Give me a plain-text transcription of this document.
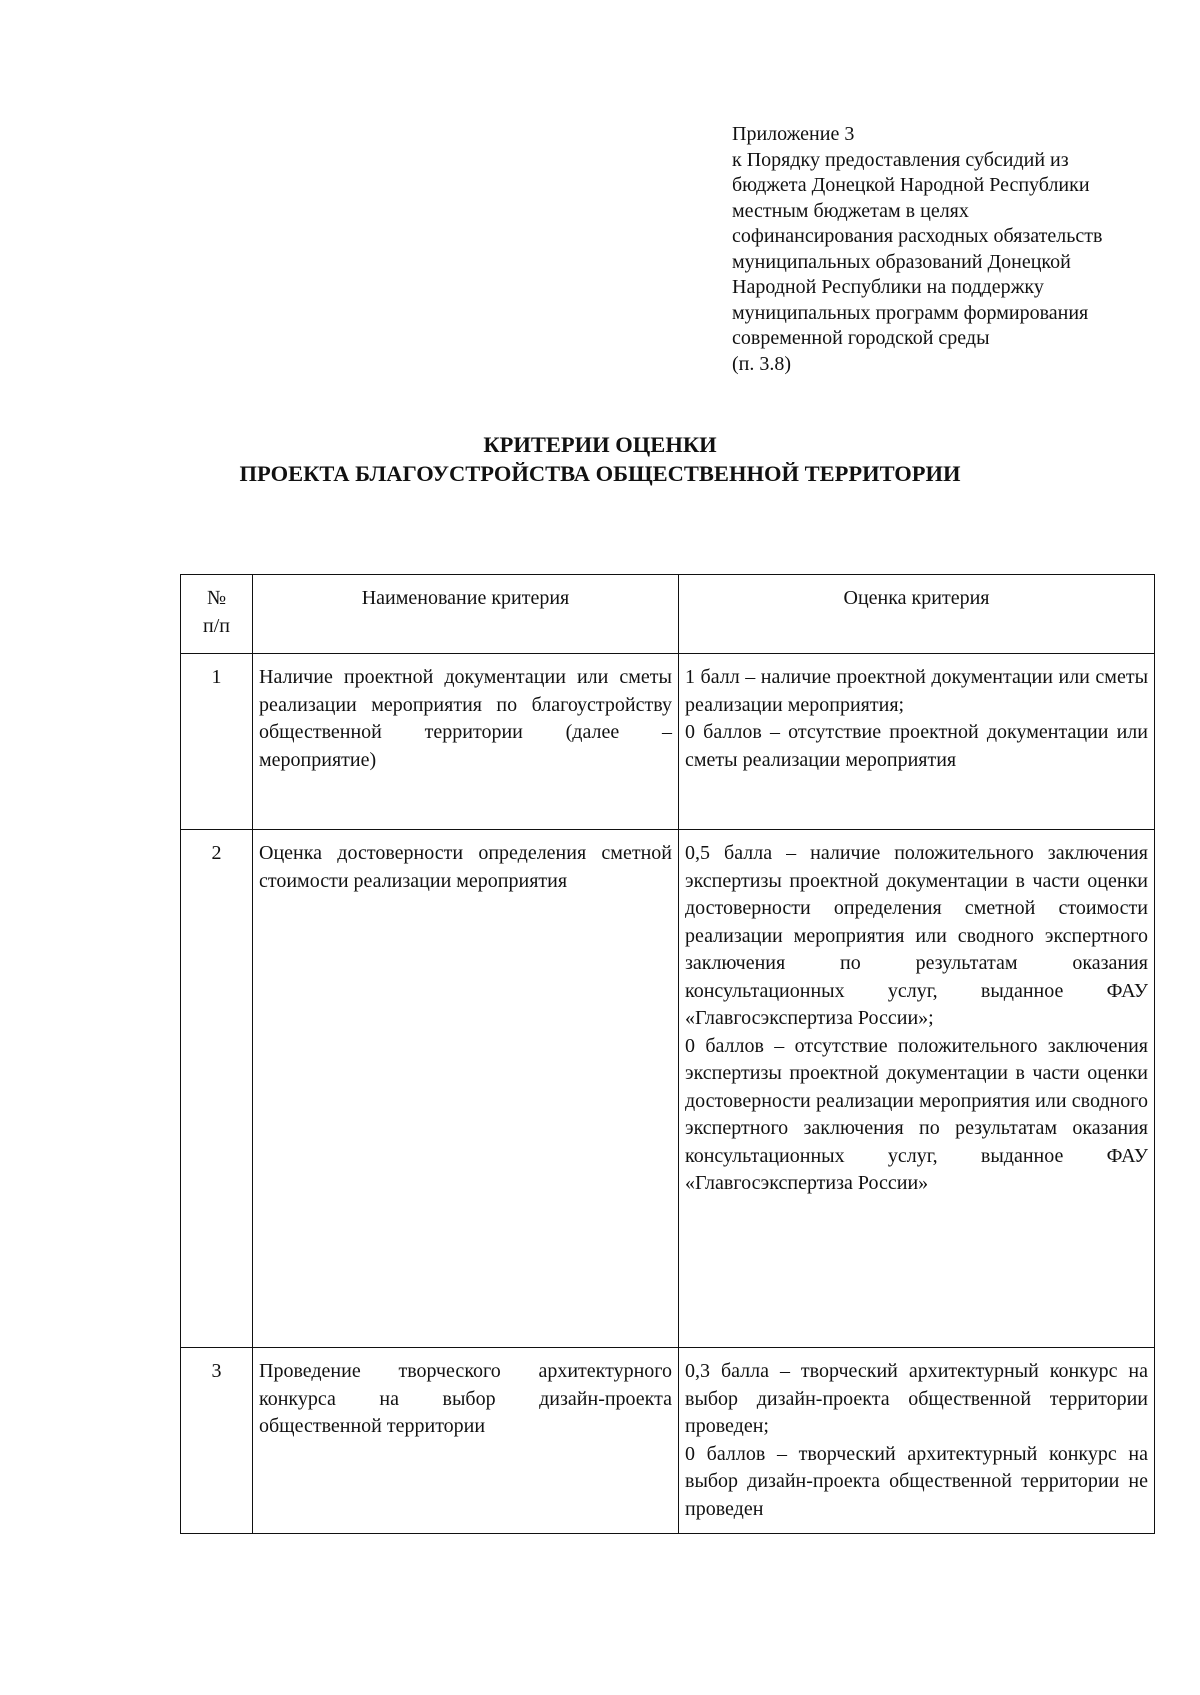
Приложение 3
к Порядку предоставления субсидий из
бюджета Донецкой Народной Республики
местным бюджетам в целях
софинансирования расходных обязательств
муниципальных образований Донецкой
Народной Республики на поддержку
муниципальных программ формирования
современной городской среды
(п. 3.8)
КРИТЕРИИ ОЦЕНКИ
ПРОЕКТА БЛАГОУСТРОЙСТВА ОБЩЕСТВЕННОЙ ТЕРРИТОРИИ
№
п/п	Наименование критерия	Оценка критерия
1	Наличие проектной документации или сметы реализации мероприятия по благоустройству общественной территории (далее – мероприятие)	1 балл – наличие проектной документации или сметы реализации мероприятия;

0 баллов – отсутствие проектной документации или сметы реализации мероприятия

2	Оценка достоверности определения сметной стоимости реализации мероприятия	0,5 балла – наличие положительного заключения экспертизы проектной документации в части оценки достоверности определения сметной стоимости реализации мероприятия или сводного экспертного заключения по результатам оказания консультационных услуг, выданное ФАУ «Главгосэкспертиза России»;

0 баллов – отсутствие положительного заключения экспертизы проектной документации в части оценки достоверности реализации мероприятия или сводного экспертного заключения по результатам оказания консультационных услуг, выданное ФАУ «Главгосэкспертиза России»

3	Проведение творческого архитектурного конкурса на выбор дизайн-проекта общественной территории	0,3 балла – творческий архитектурный конкурс на выбор дизайн-проекта общественной территории проведен;

0 баллов – творческий архитектурный конкурс на выбор дизайн-проекта общественной территории не проведен
